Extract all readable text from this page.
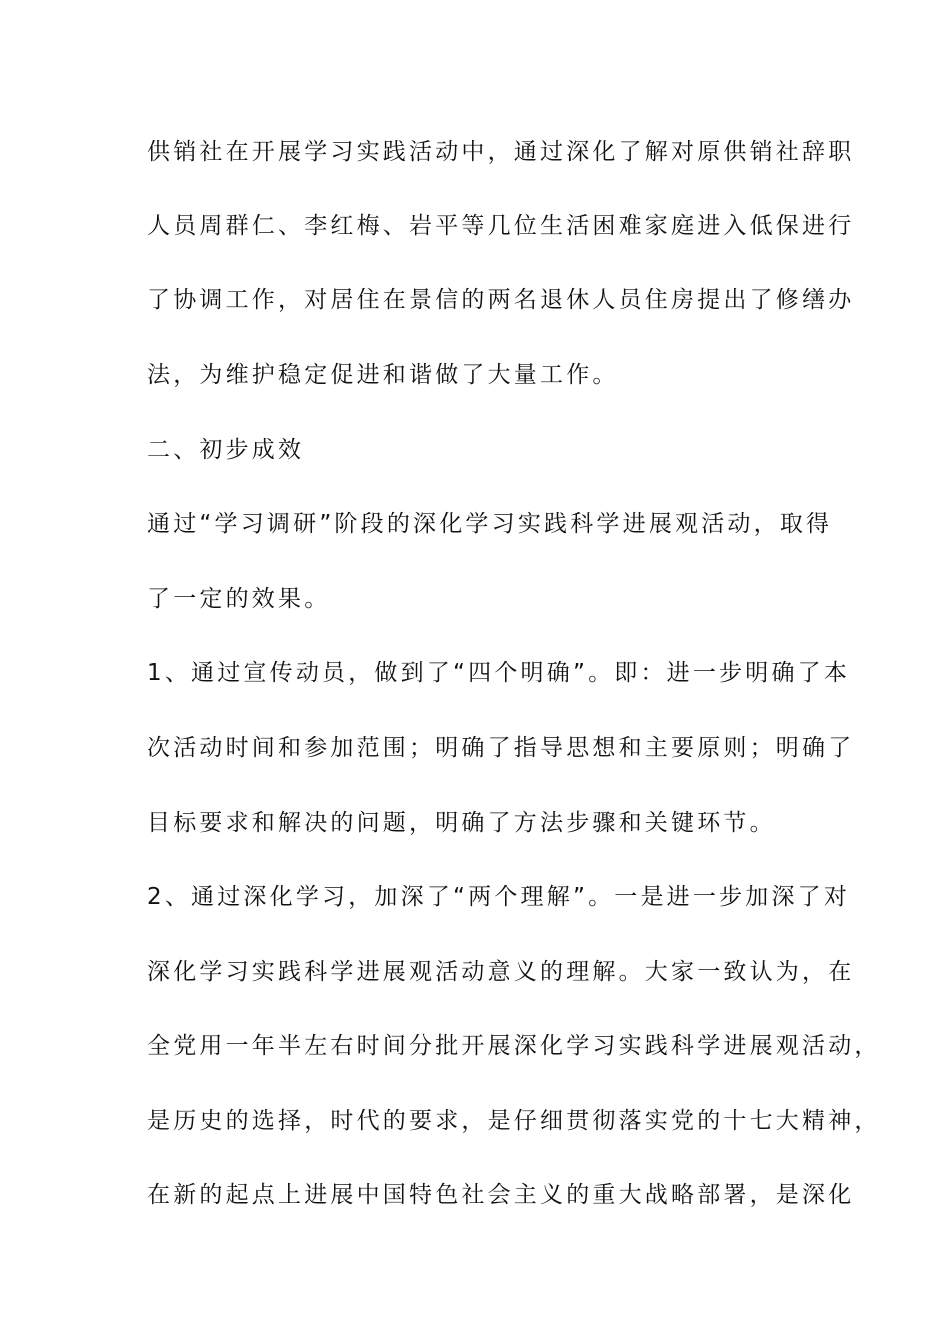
供销社在开展学习实践活动中，通过深化了解对原供销社辞职
人员周群仁、李红梅、岩平等几位生活困难家庭进入低保进行
了协调工作，对居住在景信的两名退休人员住房提出了修缮办
法，为维护稳定促进和谐做了大量工作。
二、初步成效
通过“学习调研”阶段的深化学习实践科学进展观活动，取得
了一定的效果。
1、通过宣传动员，做到了“四个明确”。即：进一步明确了本
次活动时间和参加范围；明确了指导思想和主要原则；明确了
目标要求和解决的问题，明确了方法步骤和关键环节。
2、通过深化学习，加深了“两个理解”。一是进一步加深了对
深化学习实践科学进展观活动意义的理解。大家一致认为，在
全党用一年半左右时间分批开展深化学习实践科学进展观活动，
是历史的选择，时代的要求，是仔细贯彻落实党的十七大精神，
在新的起点上进展中国特色社会主义的重大战略部署，是深化
